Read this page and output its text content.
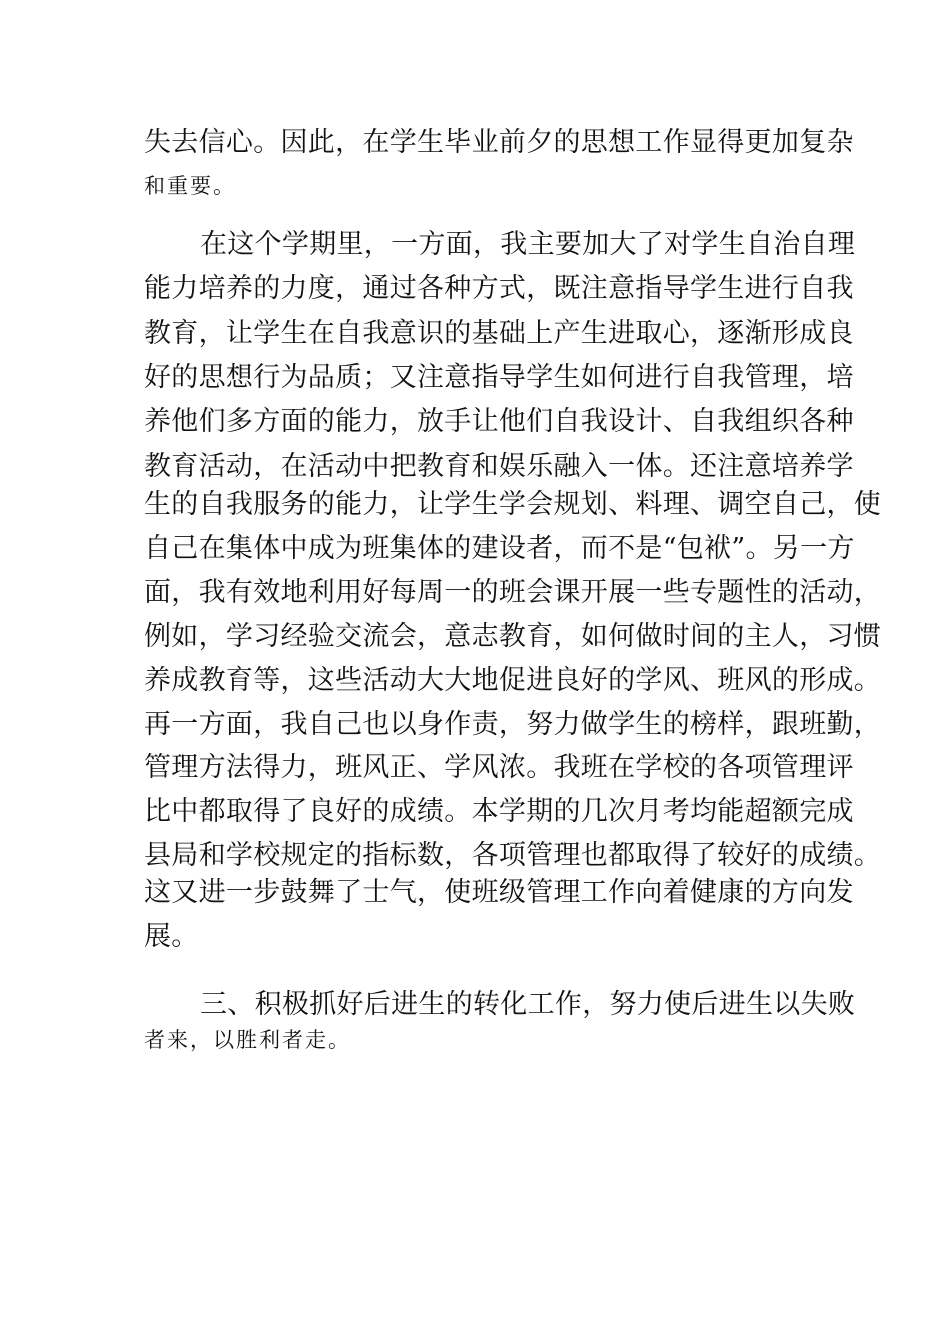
失去信心。因此，在学生毕业前夕的思想工作显得更加复杂
和重要。
在这个学期里，一方面，我主要加大了对学生自治自理
能力培养的力度，通过各种方式，既注意指导学生进行自我
教育，让学生在自我意识的基础上产生进取心，逐渐形成良
好的思想行为品质；又注意指导学生如何进行自我管理，培
养他们多方面的能力，放手让他们自我设计、自我组织各种
教育活动，在活动中把教育和娱乐融入一体。还注意培养学
生的自我服务的能力，让学生学会规划、料理、调空自己，使
自己在集体中成为班集体的建设者，而不是“包袱”。另一方
面，我有效地利用好每周一的班会课开展一些专题性的活动，
例如，学习经验交流会，意志教育，如何做时间的主人，习惯
养成教育等，这些活动大大地促进良好的学风、班风的形成。
再一方面，我自己也以身作责，努力做学生的榜样，跟班勤，
管理方法得力，班风正、学风浓。我班在学校的各项管理评
比中都取得了良好的成绩。本学期的几次月考均能超额完成
县局和学校规定的指标数，各项管理也都取得了较好的成绩。
这又进一步鼓舞了士气，使班级管理工作向着健康的方向发
展。
三、积极抓好后进生的转化工作，努力使后进生以失败
者来，以胜利者走。
